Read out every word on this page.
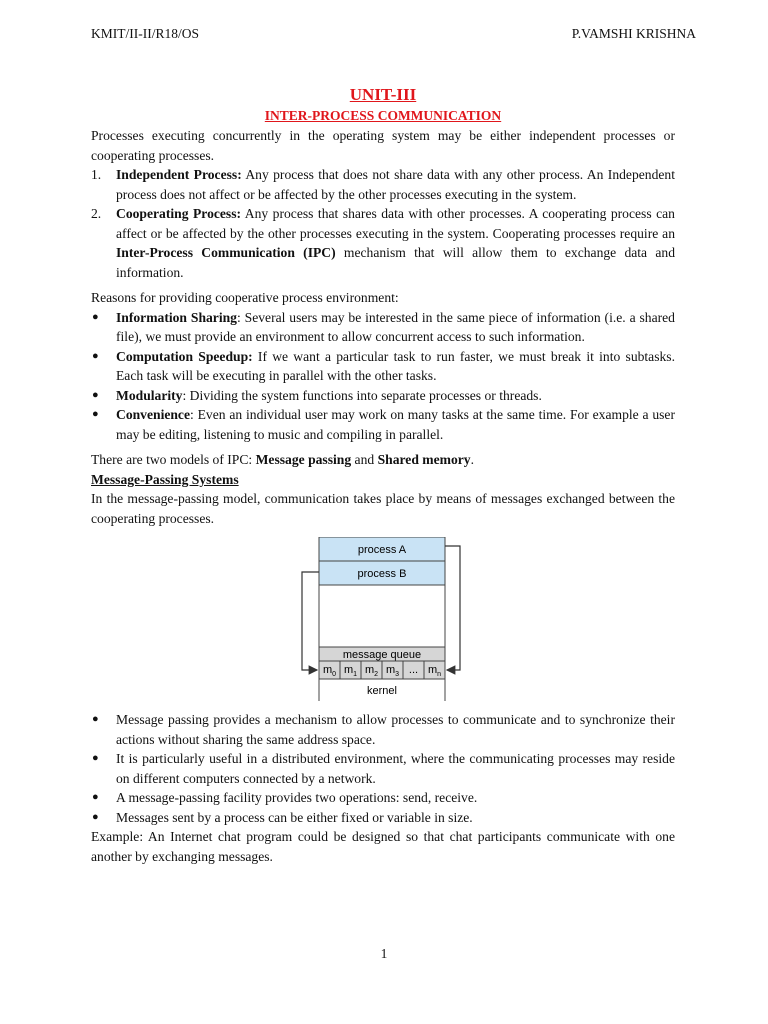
KMIT/II-II/R18/OS	P.VAMSHI KRISHNA

UNIT-III

INTER-PROCESS COMMUNICATION

Processes executing concurrently in the operating system may be either independent processes or cooperating processes.

1. Independent Process: Any process that does not share data with any other process. An Independent process does not affect or be affected by the other processes executing in the system.
2. Cooperating Process: Any process that shares data with other processes. A cooperating process can affect or be affected by the other processes executing in the system. Cooperating processes require an Inter-Process Communication (IPC) mechanism that will allow them to exchange data and information.

Reasons for providing cooperative process environment:

● Information Sharing: Several users may be interested in the same piece of information (i.e. a shared file), we must provide an environment to allow concurrent access to such information.
● Computation Speedup: If we want a particular task to run faster, we must break it into subtasks. Each task will be executing in parallel with the other tasks.
● Modularity: Dividing the system functions into separate processes or threads.
● Convenience: Even an individual user may work on many tasks at the same time. For example a user may be editing, listening to music and compiling in parallel.

There are two models of IPC: Message passing and Shared memory.

Message-Passing Systems

In the message-passing model, communication takes place by means of messages exchanged between the cooperating processes.

process A
process B
message queue
$m_0$ $m_1$ $m_2$ $m_3$ ... $m_n$
kernel
● Message passing provides a mechanism to allow processes to communicate and to synchronize their actions without sharing the same address space.
● It is particularly useful in a distributed environment, where the communicating processes may reside on different computers connected by a network.
● A message-passing facility provides two operations: send, receive.
● Messages sent by a process can be either fixed or variable in size.

Example: An Internet chat program could be designed so that chat participants communicate with one another by exchanging messages.

1
